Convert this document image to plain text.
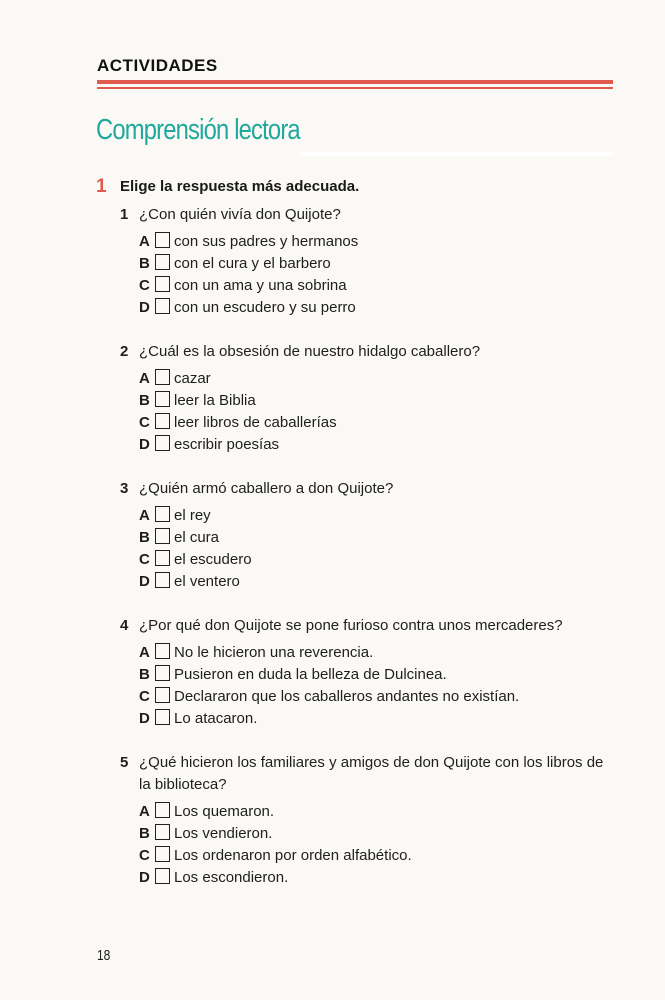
ACTIVIDADES
Comprensión lectora
1 Elige la respuesta más adecuada.
1 ¿Con quién vivía don Quijote?
A con sus padres y hermanos
B con el cura y el barbero
C con un ama y una sobrina
D con un escudero y su perro
2 ¿Cuál es la obsesión de nuestro hidalgo caballero?
A cazar
B leer la Biblia
C leer libros de caballerías
D escribir poesías
3 ¿Quién armó caballero a don Quijote?
A el rey
B el cura
C el escudero
D el ventero
4 ¿Por qué don Quijote se pone furioso contra unos mercaderes?
A No le hicieron una reverencia.
B Pusieron en duda la belleza de Dulcinea.
C Declararon que los caballeros andantes no existían.
D Lo atacaron.
5 ¿Qué hicieron los familiares y amigos de don Quijote con los libros de la biblioteca?
A Los quemaron.
B Los vendieron.
C Los ordenaron por orden alfabético.
D Los escondieron.
18
